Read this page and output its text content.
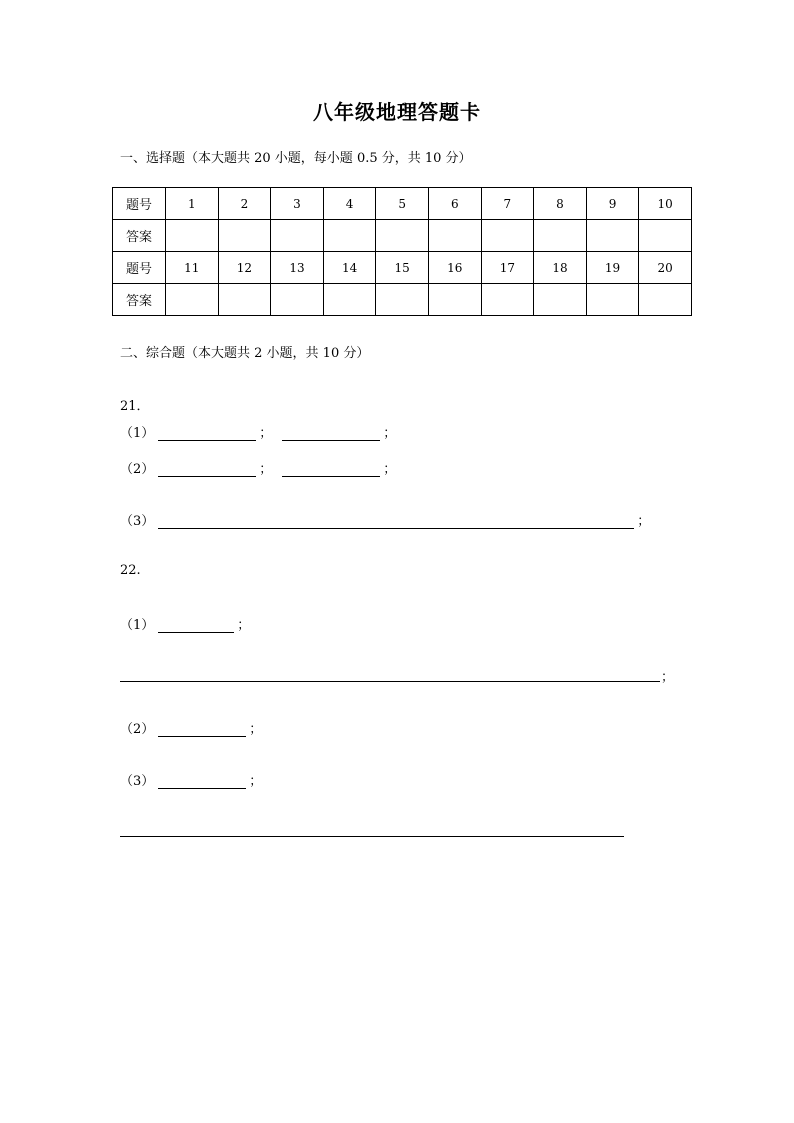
八年级地理答题卡
一、选择题（本大题共 20 小题，每小题 0.5 分，共 10 分）
题号	1	2	3	4	5	6	7	8	9	10
答案										
题号	11	12	13	14	15	16	17	18	19	20
答案										
二、综合题（本大题共 2 小题，共 10 分）
21．
（1）	；	；
（2）	；	；
（3）	；
22.
（1）	；
；
（2）	；
（3）	；
